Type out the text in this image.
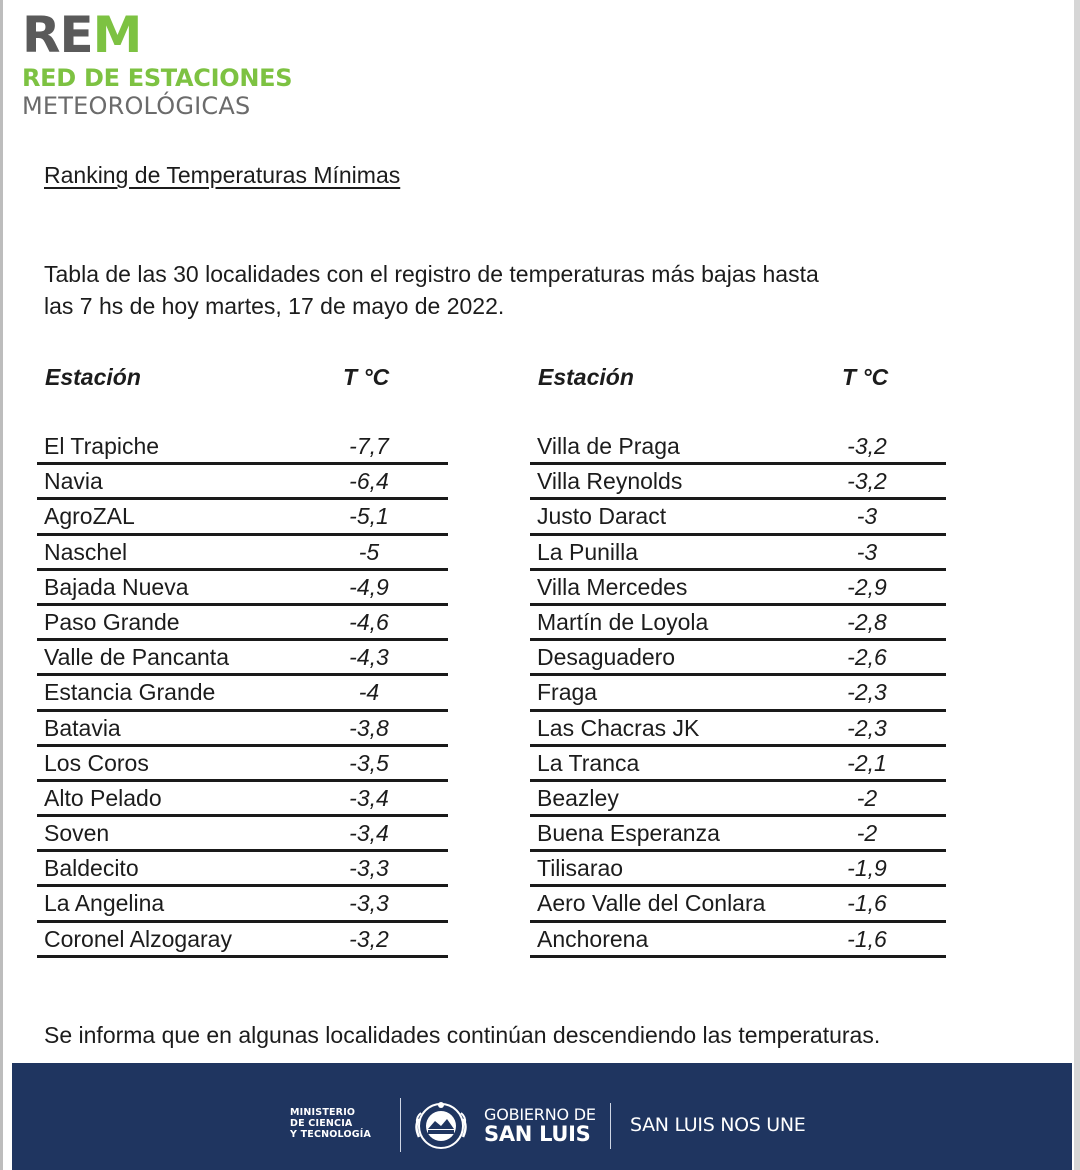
REM
RED DE ESTACIONES
METEOROLÓGICAS
Ranking de Temperaturas Mínimas
Tabla de las 30 localidades con el registro de temperaturas más bajas hasta
las 7 hs de hoy martes, 17 de mayo de 2022.
Estación	T °C
El Trapiche	-7,7
Navia	-6,4
AgroZAL	-5,1
Naschel	-5
Bajada Nueva	-4,9
Paso Grande	-4,6
Valle de Pancanta	-4,3
Estancia Grande	-4
Batavia	-3,8
Los Coros	-3,5
Alto Pelado	-3,4
Soven	-3,4
Baldecito	-3,3
La Angelina	-3,3
Coronel Alzogaray	-3,2
Estación	T °C
Villa de Praga	-3,2
Villa Reynolds	-3,2
Justo Daract	-3
La Punilla	-3
Villa Mercedes	-2,9
Martín de Loyola	-2,8
Desaguadero	-2,6
Fraga	-2,3
Las Chacras JK	-2,3
La Tranca	-2,1
Beazley	-2
Buena Esperanza	-2
Tilisarao	-1,9
Aero Valle del Conlara	-1,6
Anchorena	-1,6
Se informa que en algunas localidades continúan descendiendo las temperaturas.
MINISTERIO
DE CIENCIA
Y TECNOLOGÍA
GOBIERNO DE
SAN LUIS SAN LUIS NOS UNE
